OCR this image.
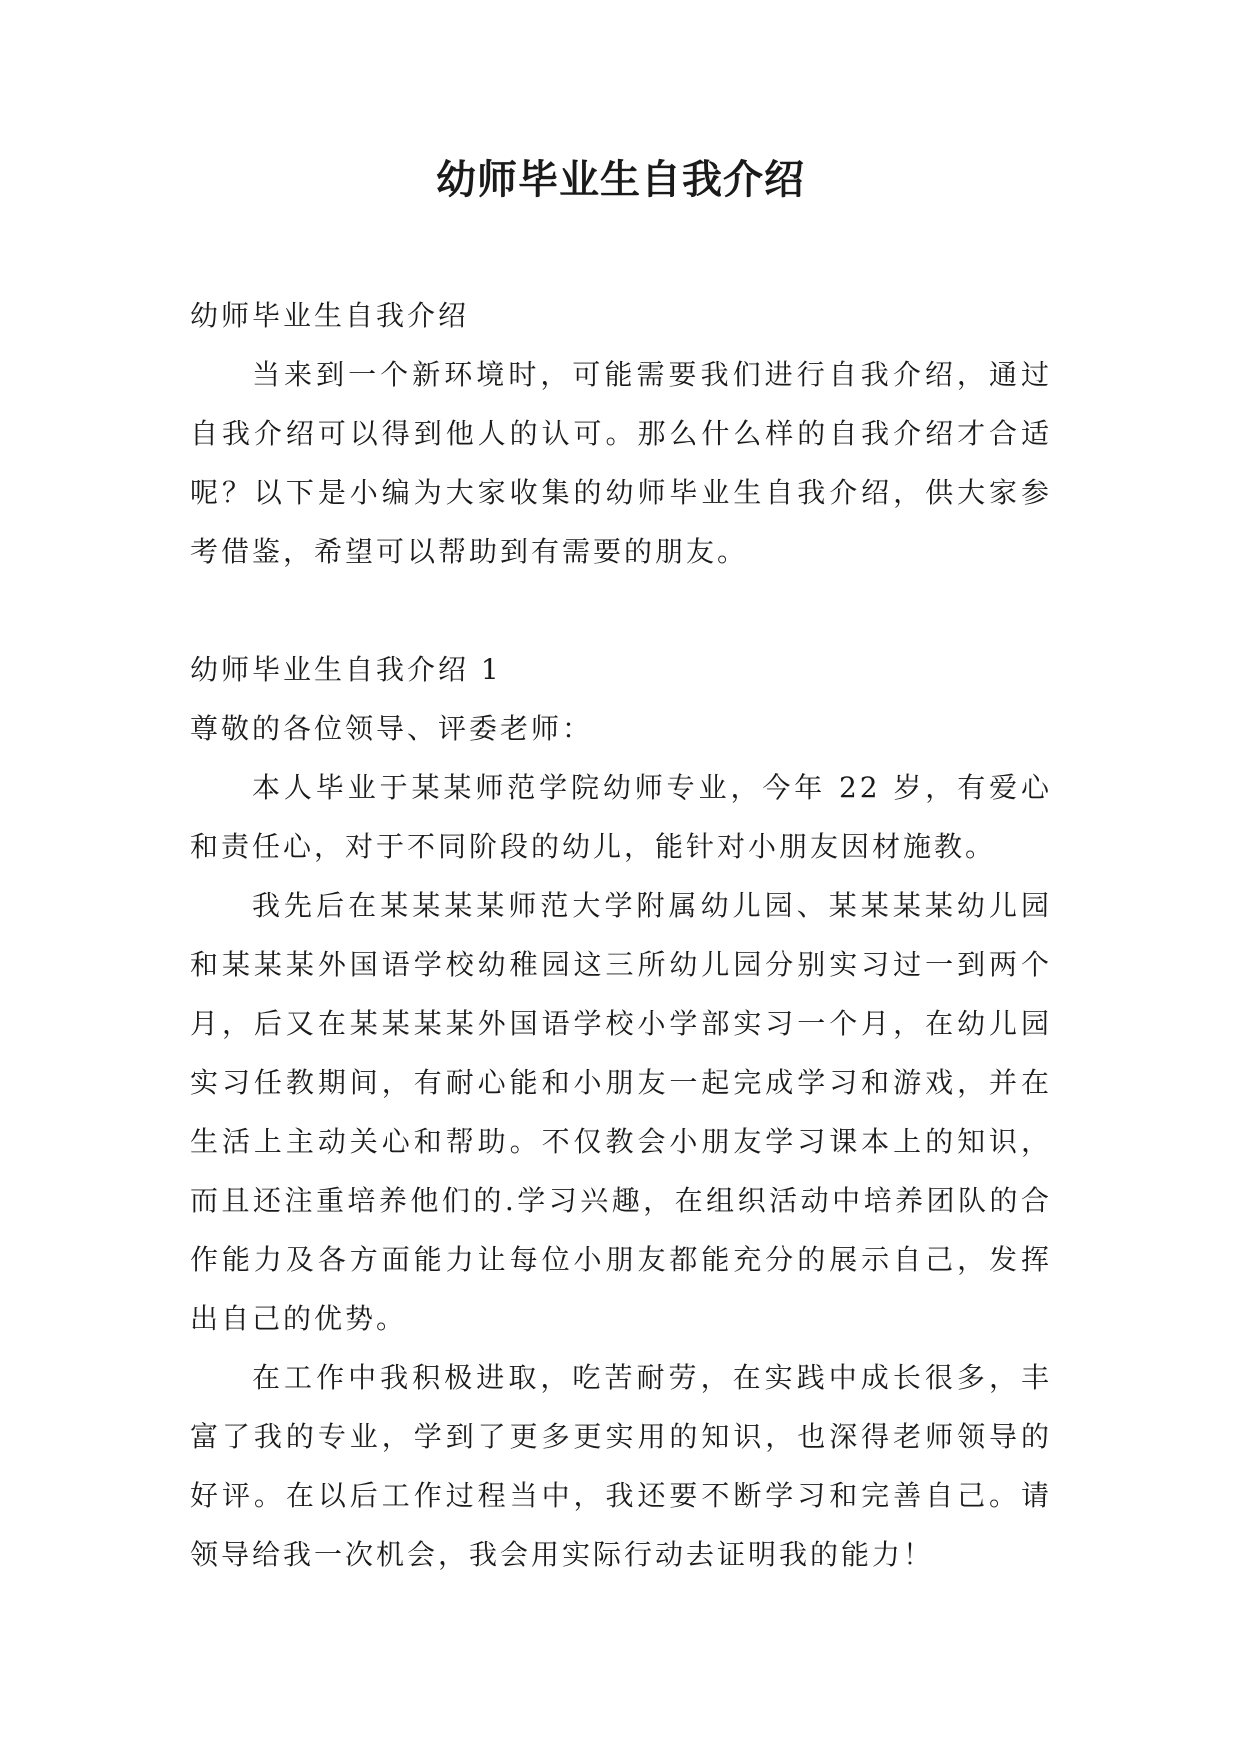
幼师毕业生自我介绍

幼师毕业生自我介绍

当来到一个新环境时，可能需要我们进行自我介绍，通过自我介绍可以得到他人的认可。那么什么样的自我介绍才合适呢？以下是小编为大家收集的幼师毕业生自我介绍，供大家参考借鉴，希望可以帮助到有需要的朋友。

幼师毕业生自我介绍 1

尊敬的各位领导、评委老师：

本人毕业于某某师范学院幼师专业，今年 22 岁，有爱心和责任心，对于不同阶段的幼儿，能针对小朋友因材施教。

我先后在某某某某师范大学附属幼儿园、某某某某幼儿园和某某某外国语学校幼稚园这三所幼儿园分别实习过一到两个月，后又在某某某某外国语学校小学部实习一个月，在幼儿园实习任教期间，有耐心能和小朋友一起完成学习和游戏，并在生活上主动关心和帮助。不仅教会小朋友学习课本上的知识，而且还注重培养他们的.学习兴趣，在组织活动中培养团队的合作能力及各方面能力让每位小朋友都能充分的展示自己，发挥出自己的优势。

在工作中我积极进取，吃苦耐劳，在实践中成长很多，丰富了我的专业，学到了更多更实用的知识，也深得老师领导的好评。在以后工作过程当中，我还要不断学习和完善自己。请领导给我一次机会，我会用实际行动去证明我的能力！
